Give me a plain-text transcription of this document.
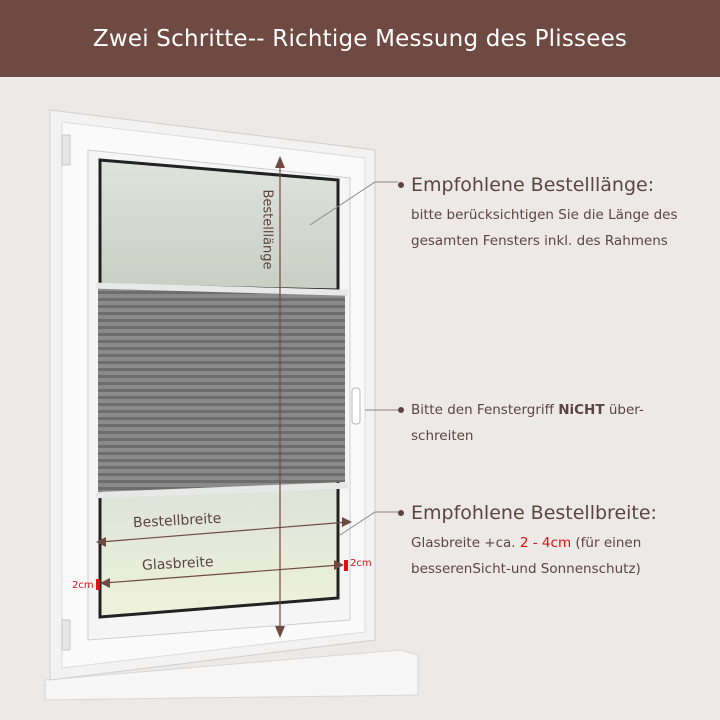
Zwei Schritte-- Richtige Messung des Plissees
Bestelllänge
Bestellbreite
Glasbreite
2cm
2cm
Empfohlene Bestelllänge:
bitte berücksichtigen Sie die Länge des
gesamten Fensters inkl. des Rahmens
Bitte den Fenstergriff NiCHT über-
schreiten
Empfohlene Bestellbreite:
Glasbreite +ca. 2 - 4cm (für einen
besserenSicht-und Sonnenschutz)
